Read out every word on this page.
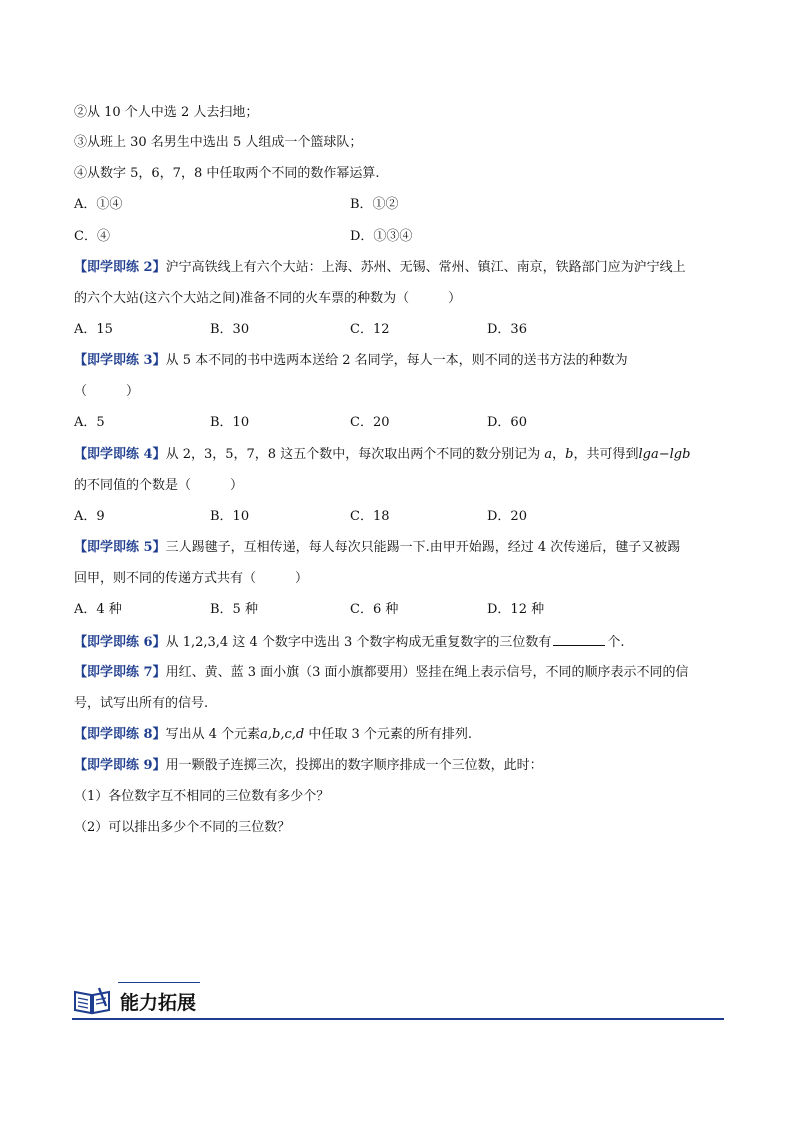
②从 10 个人中选 2 人去扫地；
③从班上 30 名男生中选出 5 人组成一个篮球队；
④从数字 5，6，7，8 中任取两个不同的数作幂运算.
A．①④	B．①②
C．④	D．①③④
【即学即练 2】沪宁高铁线上有六个大站：上海、苏州、无锡、常州、镇江、南京，铁路部门应为沪宁线上
的六个大站(这六个大站之间)准备不同的火车票的种数为（　　　）
A．15	B．30	C．12	D．36
【即学即练 3】从 5 本不同的书中选两本送给 2 名同学，每人一本，则不同的送书方法的种数为
（　　　）
A．5	B．10	C．20	D．60
【即学即练 4】从 2，3，5，7，8 这五个数中，每次取出两个不同的数分别记为 a，b，共可得到lga−lgb
的不同值的个数是（　　　）
A．9	B．10	C．18	D．20
【即学即练 5】三人踢毽子，互相传递，每人每次只能踢一下.由甲开始踢，经过 4 次传递后，毽子又被踢
回甲，则不同的传递方式共有（　　　）
A．4 种	B．5 种	C．6 种	D．12 种
【即学即练 6】从 1,2,3,4 这 4 个数字中选出 3 个数字构成无重复数字的三位数有	个.
【即学即练 7】用红、黄、蓝 3 面小旗（3 面小旗都要用）竖挂在绳上表示信号，不同的顺序表示不同的信
号，试写出所有的信号.
【即学即练 8】写出从 4 个元素a,b,c,d 中任取 3 个元素的所有排列.
【即学即练 9】用一颗骰子连掷三次，投掷出的数字顺序排成一个三位数，此时：
（1）各位数字互不相同的三位数有多少个？
（2）可以排出多少个不同的三位数？
能力拓展
